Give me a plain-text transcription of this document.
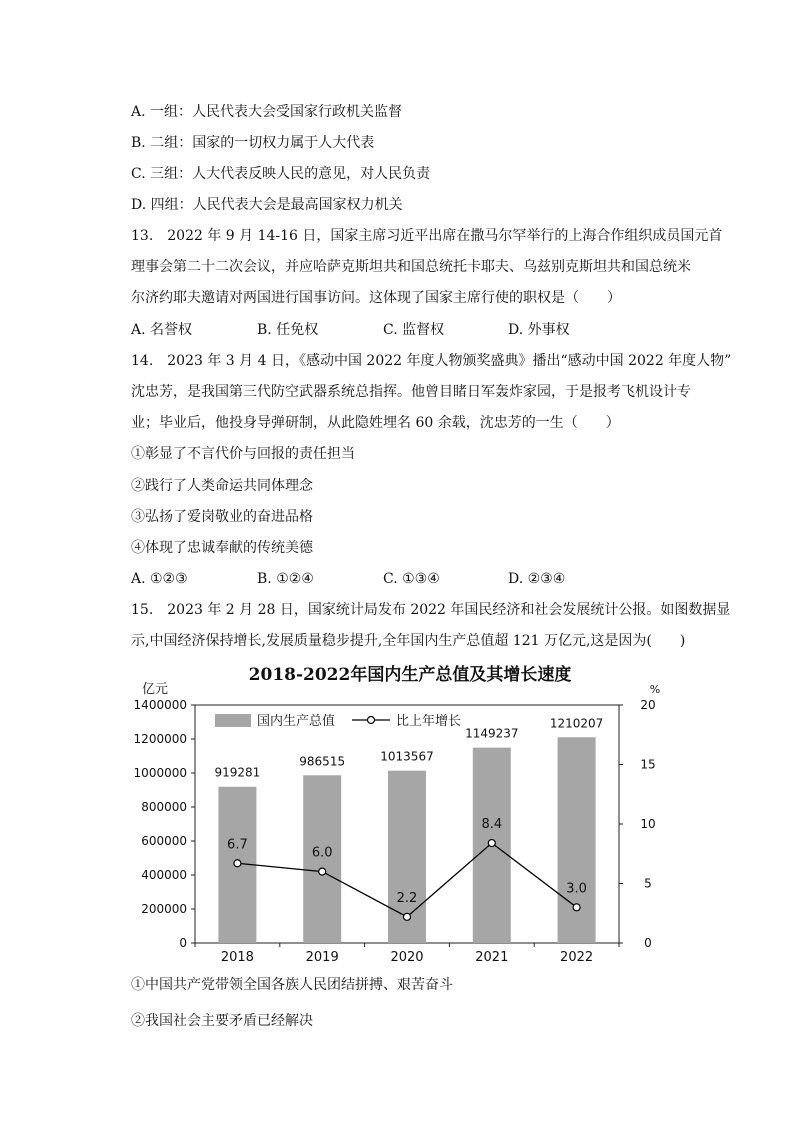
A. 一组：人民代表大会受国家行政机关监督
B. 二组：国家的一切权力属于人大代表
C. 三组：人大代表反映人民的意见，对人民负责
D. 四组：人民代表大会是最高国家权力机关
13.　2022 年 9 月 14-16 日，国家主席习近平出席在撒马尔罕举行的上海合作组织成员国元首
理事会第二十二次会议，并应哈萨克斯坦共和国总统托卡耶夫、乌兹别克斯坦共和国总统米
尔济约耶夫邀请对两国进行国事访问。这体现了国家主席行使的职权是（　　）
A. 名誉权	B. 任免权	C. 监督权	D. 外事权
14.　2023 年 3 月 4 日，《感动中国 2022 年度人物颁奖盛典》播出“感动中国 2022 年度人物”
沈忠芳，是我国第三代防空武器系统总指挥。他曾目睹日军轰炸家园，于是报考飞机设计专
业；毕业后，他投身导弹研制，从此隐姓埋名 60 余载，沈忠芳的一生（　　）
①彰显了不言代价与回报的责任担当
②践行了人类命运共同体理念
③弘扬了爱岗敬业的奋进品格
④体现了忠诚奉献的传统美德
A. ①②③	B. ①②④	C. ①③④	D. ②③④
15.　2023 年 2 月 28 日，国家统计局发布 2022 年国民经济和社会发展统计公报。如图数据显
示,中国经济保持增长,发展质量稳步提升,全年国内生产总值超 121 万亿元,这是因为(　　)
2018-2022年国内生产总值及其增长速度
亿元	%
0
200000
400000
600000
800000
1000000
1200000
1400000
0
5
10
15
20
2018	2019	2020	2021	2022
919281
986515	1013567
1149237
1210207
6.7
6.0
2.2
8.4
3.0
国内生产总值	比上年增长
①中国共产党带领全国各族人民团结拼搏、艰苦奋斗
②我国社会主要矛盾已经解决
